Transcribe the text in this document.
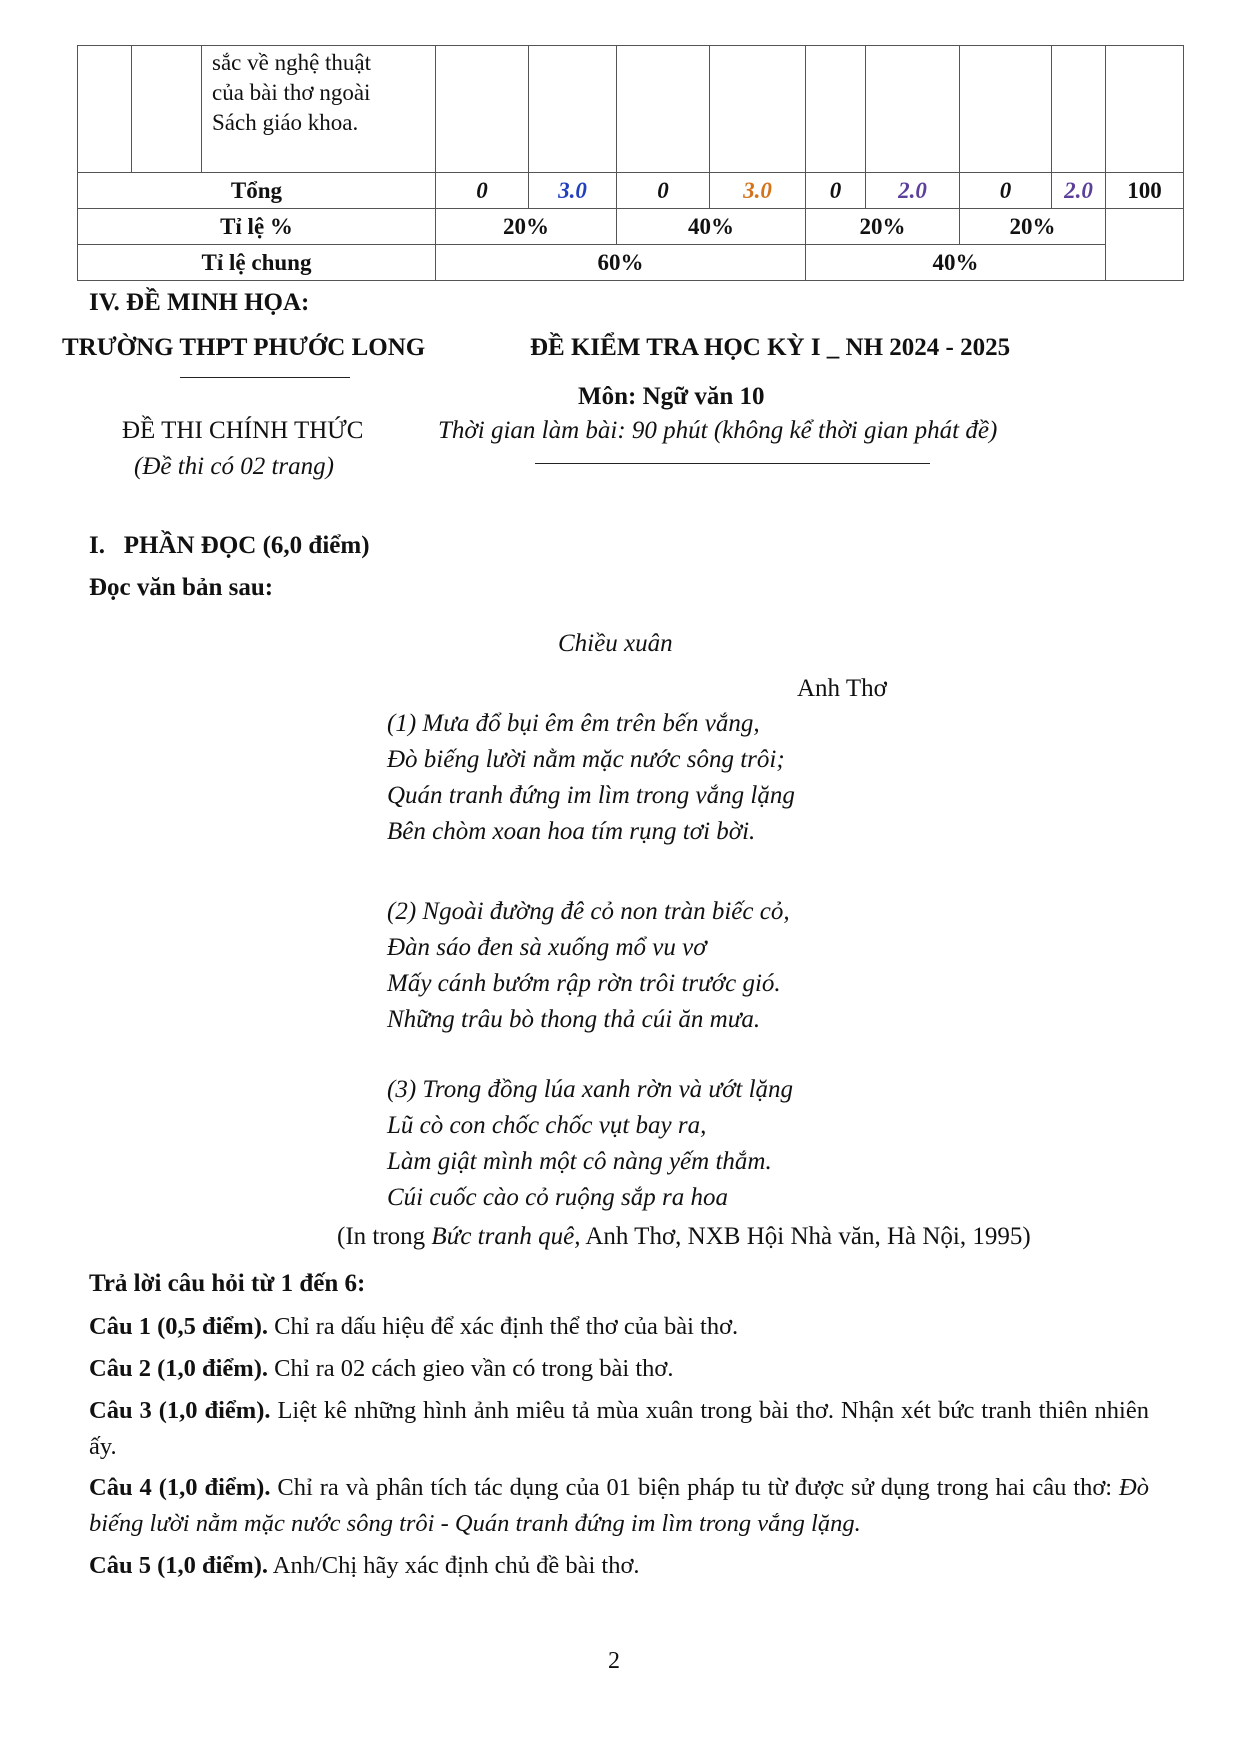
		sắc về nghệ thuật
của bài thơ ngoài
Sách giáo khoa.									

Tổng			0	3.0	0	3.0	0	2.0	0	2.0	100
Tỉ lệ %			20%		40%		20%		20%		
Tỉ lệ chung			60%				40%				
IV. ĐỀ MINH HỌA:
TRƯỜNG THPT PHƯỚC LONG	ĐỀ KIỂM TRA HỌC KỲ I _ NH 2024 - 2025
Môn: Ngữ văn 10
ĐỀ THI CHÍNH THỨC
(Đề thi có 02 trang)
Thời gian làm bài: 90 phút (không kể thời gian phát đề)
I.   PHẦN ĐỌC (6,0 điểm)
Đọc văn bản sau:
Chiều xuân
Anh Thơ
(1) Mưa đổ bụi êm êm trên bến vắng,
Đò biếng lười nằm mặc nước sông trôi;
Quán tranh đứng im lìm trong vắng lặng
Bên chòm xoan hoa tím rụng tơi bời.
(2) Ngoài đường đê cỏ non tràn biếc cỏ,
Đàn sáo đen sà xuống mổ vu vơ
Mấy cánh bướm rập rờn trôi trước gió.
Những trâu bò thong thả cúi ăn mưa.
(3) Trong đồng lúa xanh rờn và ướt lặng
Lũ cò con chốc chốc vụt bay ra,
Làm giật mình một cô nàng yếm thắm.
Cúi cuốc cào cỏ ruộng sắp ra hoa
(In trong Bức tranh quê, Anh Thơ, NXB Hội Nhà văn, Hà Nội, 1995)
Trả lời câu hỏi từ 1 đến 6:
Câu 1 (0,5 điểm). Chỉ ra dấu hiệu để xác định thể thơ của bài thơ.
Câu 2 (1,0 điểm). Chỉ ra 02 cách gieo vần có trong bài thơ.
Câu 3 (1,0 điểm). Liệt kê những hình ảnh miêu tả mùa xuân trong bài thơ. Nhận xét bức tranh thiên nhiên ấy.
Câu 4 (1,0 điểm). Chỉ ra và phân tích tác dụng của 01 biện pháp tu từ được sử dụng trong hai câu thơ: Đò biếng lười nằm mặc nước sông trôi - Quán tranh đứng im lìm trong vắng lặng.
Câu 5 (1,0 điểm). Anh/Chị hãy xác định chủ đề bài thơ.
2
